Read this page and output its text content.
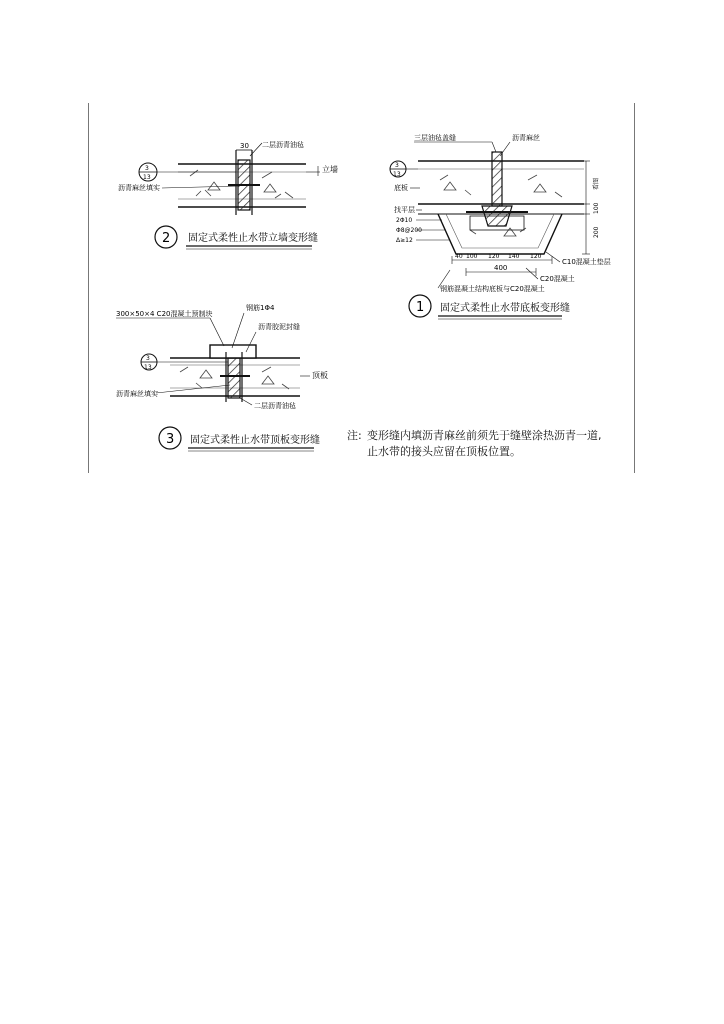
30 二层沥青油毡
3
13
沥青麻丝填实
立墙
2 固定式柔性止水带立墙变形缝
300×50×4 C20混凝土预制块
钢筋1Φ4
沥青胶泥封缝
3
13
沥青麻丝填实
顶板
二层沥青油毡
3 固定式柔性止水带顶板变形缝
三层油毡盖缝	沥青麻丝
3
13
底板
找平层
2Φ10
Φ8@200
Δ≥12
看图
100
200
40 100 120 140 120
400
C10混凝土垫层
C20混凝土
钢筋混凝土结构底板与C20混凝土
1 固定式柔性止水带底板变形缝
注: 变形缝内填沥青麻丝前须先于缝壁涂热沥青一道,
止水带的接头应留在顶板位置。
